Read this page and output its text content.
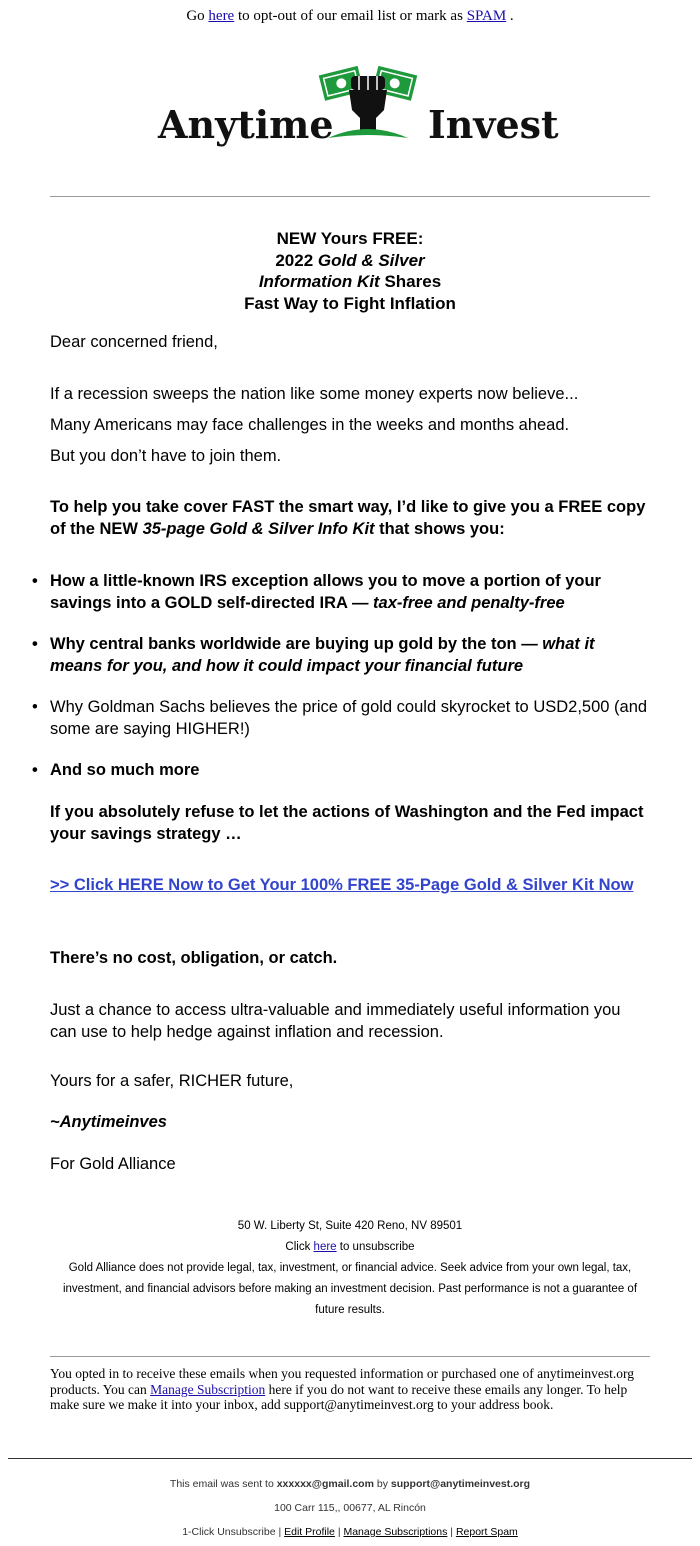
Go here to opt-out of our email list or mark as SPAM .
Anytime Invest
NEW Yours FREE:
2022 Gold & Silver
Information Kit Shares
Fast Way to Fight Inflation
Dear concerned friend,
If a recession sweeps the nation like some money experts now believe...
Many Americans may face challenges in the weeks and months ahead.
But you don’t have to join them.
To help you take cover FAST the smart way, I’d like to give you a FREE copy of the NEW 35-page Gold & Silver Info Kit that shows you:
• How a little-known IRS exception allows you to move a portion of your savings into a GOLD self-directed IRA — tax-free and penalty-free
• Why central banks worldwide are buying up gold by the ton — what it means for you, and how it could impact your financial future
• Why Goldman Sachs believes the price of gold could skyrocket to USD2,500 (and some are saying HIGHER!)
• And so much more
If you absolutely refuse to let the actions of Washington and the Fed impact your savings strategy …
>> Click HERE Now to Get Your 100% FREE 35-Page Gold & Silver Kit Now
There’s no cost, obligation, or catch.
Just a chance to access ultra-valuable and immediately useful information you can use to help hedge against inflation and recession.
Yours for a safer, RICHER future,
~Anytimeinves
For Gold Alliance
50 W. Liberty St, Suite 420 Reno, NV 89501
Click here to unsubscribe
Gold Alliance does not provide legal, tax, investment, or financial advice. Seek advice from your own legal, tax, investment, and financial advisors before making an investment decision. Past performance is not a guarantee of future results.
You opted in to receive these emails when you requested information or purchased one of anytimeinvest.org products. You can Manage Subscription here if you do not want to receive these emails any longer. To help make sure we make it into your inbox, add support@anytimeinvest.org to your address book.
This email was sent to xxxxxx@gmail.com by support@anytimeinvest.org
100 Carr 115,, 00677, AL Rincón
1-Click Unsubscribe | Edit Profile | Manage Subscriptions | Report Spam
